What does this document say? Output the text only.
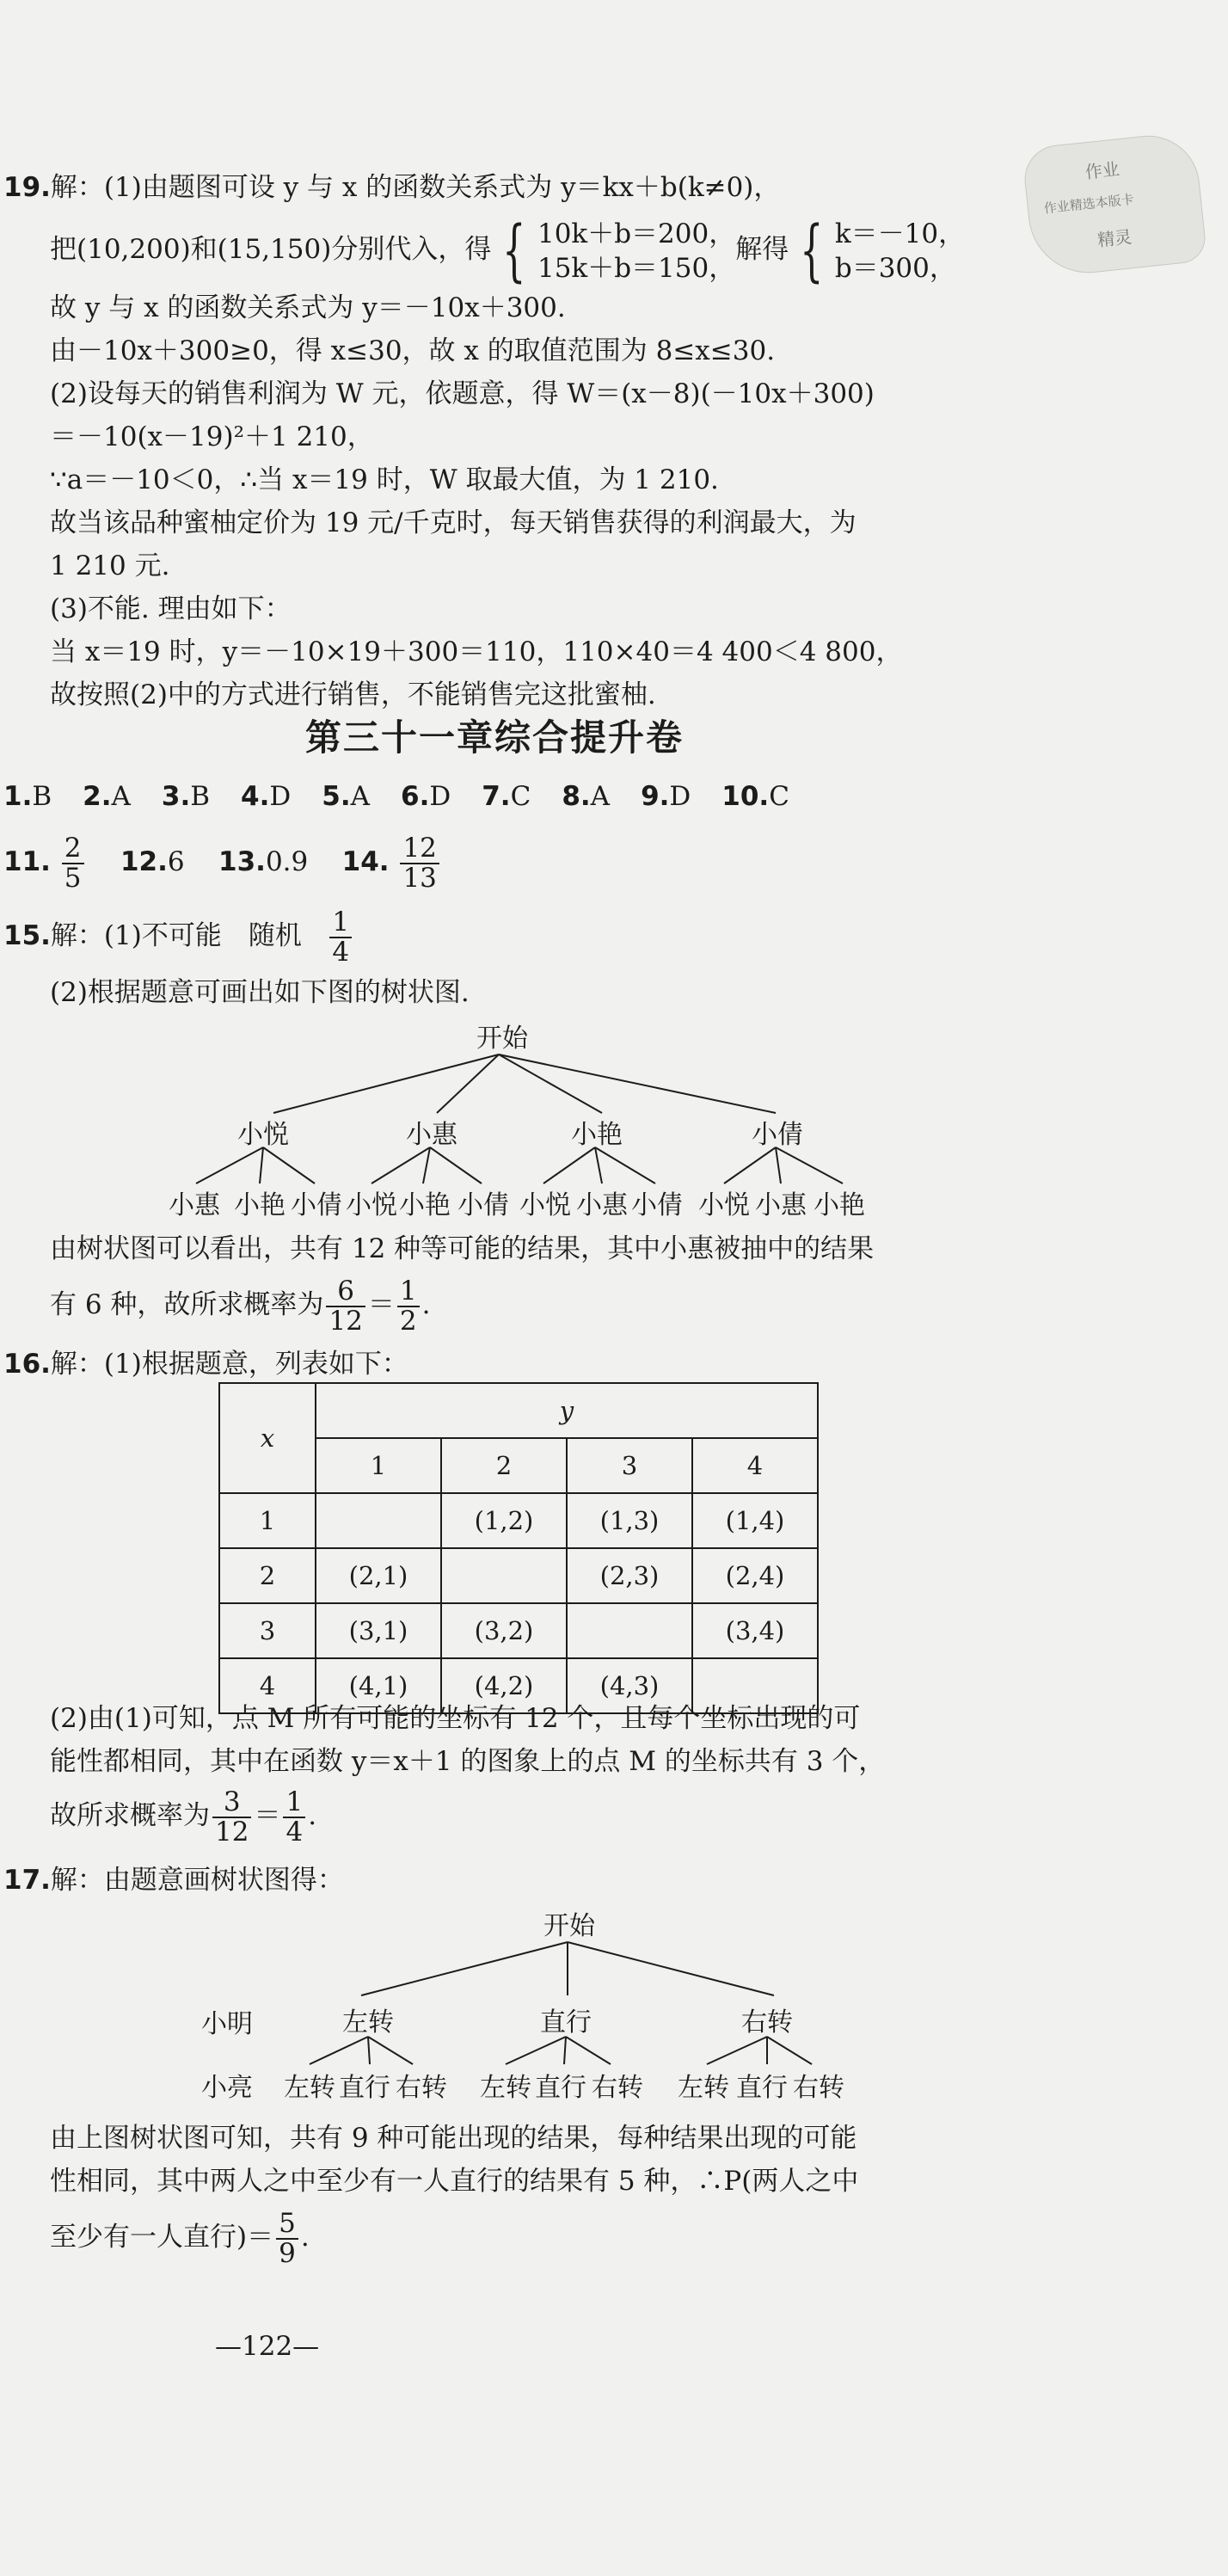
作业
作业精选本版卡
精灵
19.解：(1)由题图可设 y 与 x 的函数关系式为 y＝kx＋b(k≠0)，
把(10,200)和(15,150)分别代入，得 { 10k＋b＝200，
15k＋b＝150，
解得 { k＝－10，
b＝300，
故 y 与 x 的函数关系式为 y＝－10x＋300.
由－10x＋300≥0，得 x≤30，故 x 的取值范围为 8≤x≤30.
(2)设每天的销售利润为 W 元，依题意，得 W＝(x－8)(－10x＋300)
＝－10(x－19)²＋1 210，
∵a＝－10＜0，∴当 x＝19 时，W 取最大值，为 1 210.
故当该品种蜜柚定价为 19 元/千克时，每天销售获得的利润最大，为
1 210 元.
(3)不能. 理由如下：
当 x＝19 时，y＝－10×19＋300＝110，110×40＝4 400＜4 800，
故按照(2)中的方式进行销售，不能销售完这批蜜柚.
第三十一章综合提升卷
1.B 2.A 3.B 4.D 5.A 6.D 7.C 8.A 9.D 10.C
11. $\frac{2}{5} 12.6$ 13.0.9 14. $\frac{12}{13}$
15.解：(1)不可能　随机 $\frac{1}{4}$
(2)根据题意可画出如下图的树状图.
开始
小悦	小惠	小艳	小倩
小惠 小艳 小倩 小悦 小艳 小倩 小悦 小惠 小倩 小悦 小惠 小艳
由树状图可以看出，共有 12 种等可能的结果，其中小惠被抽中的结果
有 6 种，故所求概率为 $\frac{6}{12} = \frac{1}{2}$ .
16.解：(1)根据题意，列表如下：
x	y			
	1	2	3	4
1		(1,2)	(1,3)	(1,4)
2	(2,1)		(2,3)	(2,4)
3	(3,1)	(3,2)		(3,4)
4	(4,1)	(4,2)	(4,3)	
(2)由(1)可知，点 M 所有可能的坐标有 12 个，且每个坐标出现的可
能性都相同，其中在函数 y＝x＋1 的图象上的点 M 的坐标共有 3 个，
故所求概率为 $\frac{3}{12} = \frac{1}{4}$ .
17.解：由题意画树状图得：
开始
小明	左转	直行	右转
小亮 左转 直行 右转 左转 直行 右转 左转 直行 右转
由上图树状图可知，共有 9 种可能出现的结果，每种结果出现的可能
性相同，其中两人之中至少有一人直行的结果有 5 种，∴P(两人之中
至少有一人直行)＝ $\frac{5}{9}$ .
—122—
